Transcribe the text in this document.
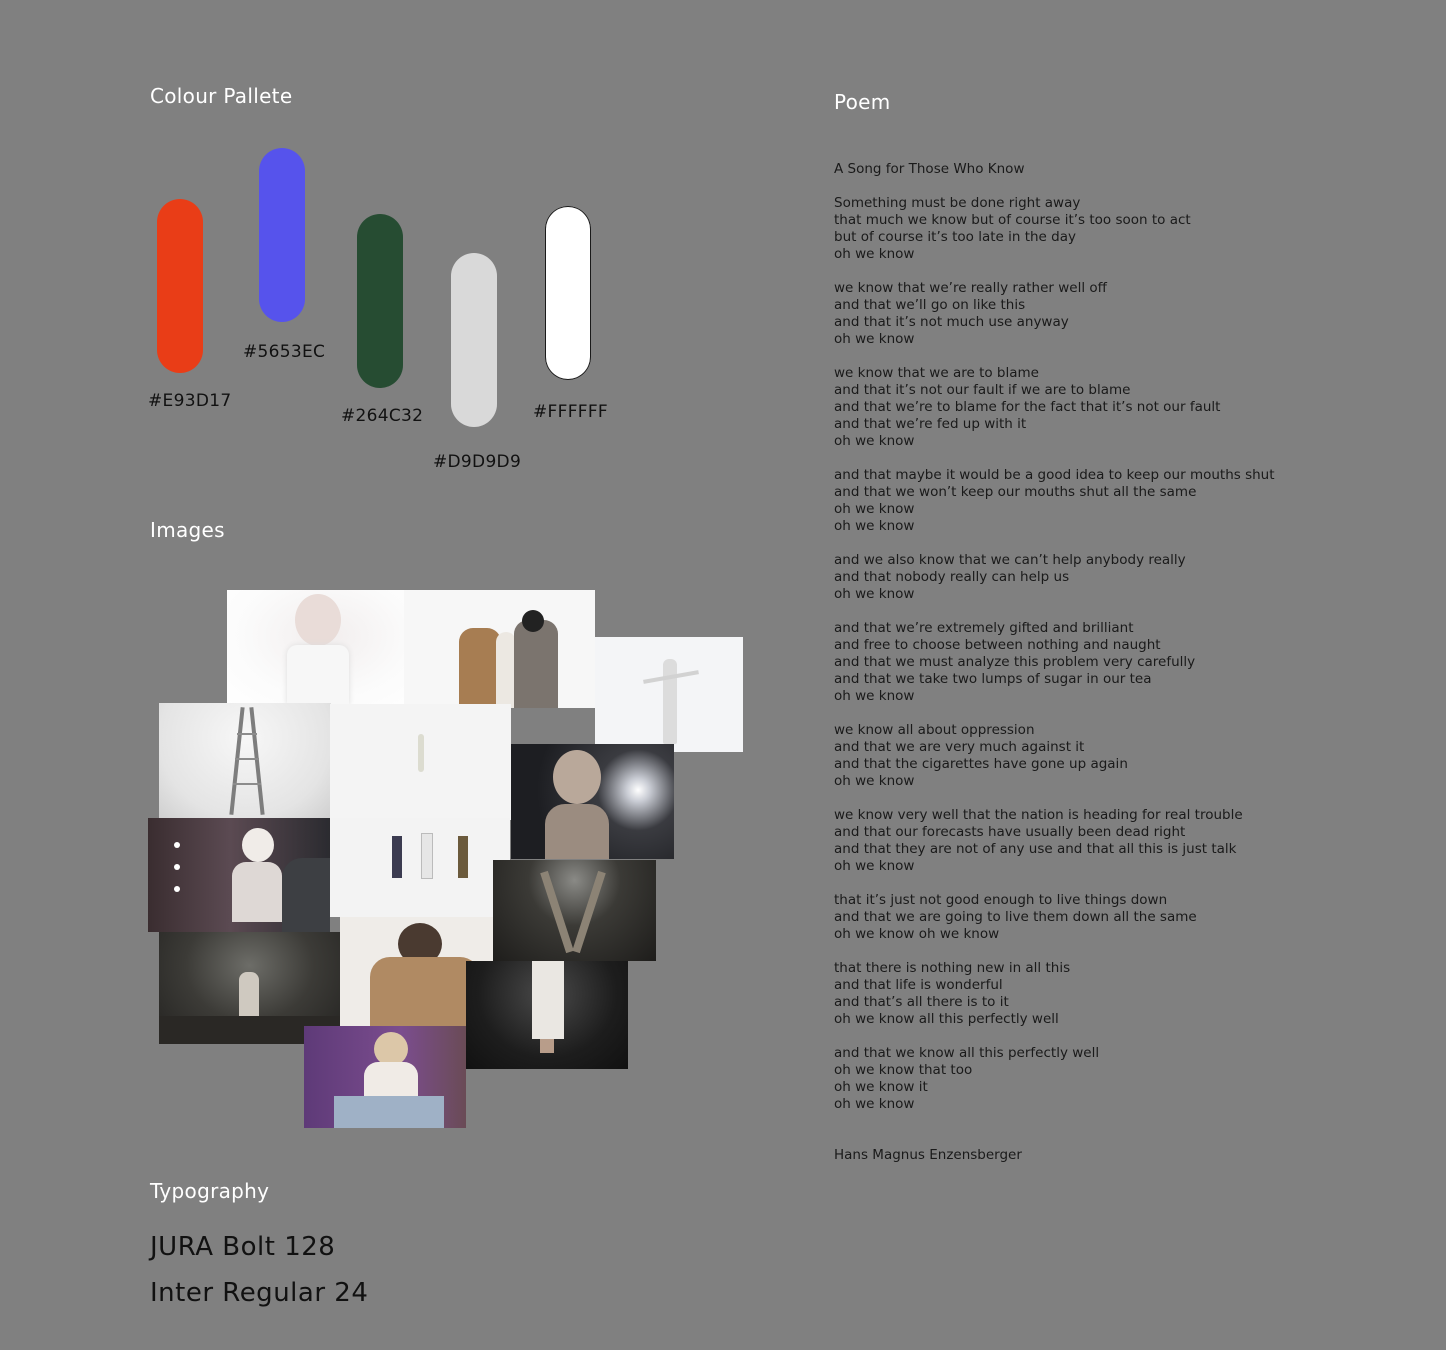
Colour Pallete
#E93D17
#5653EC
#264C32
#D9D9D9
#FFFFFF
Images
Typography
JURA Bolt 128
Inter Regular 24
Poem
A Song for Those Who Know
Something must be done right away
that much we know but of course it’s too soon to act
but of course it’s too late in the day
oh we know
we know that we’re really rather well off
and that we’ll go on like this
and that it’s not much use anyway
oh we know
we know that we are to blame
and that it’s not our fault if we are to blame
and that we’re to blame for the fact that it’s not our fault
and that we’re fed up with it
oh we know
and that maybe it would be a good idea to keep our mouths shut
and that we won’t keep our mouths shut all the same
oh we know
oh we know
and we also know that we can’t help anybody really
and that nobody really can help us
oh we know
and that we’re extremely gifted and brilliant
and free to choose between nothing and naught
and that we must analyze this problem very carefully
and that we take two lumps of sugar in our tea
oh we know
we know all about oppression
and that we are very much against it
and that the cigarettes have gone up again
oh we know
we know very well that the nation is heading for real trouble
and that our forecasts have usually been dead right
and that they are not of any use and that all this is just talk
oh we know
that it’s just not good enough to live things down
and that we are going to live them down all the same
oh we know oh we know
that there is nothing new in all this
and that life is wonderful
and that’s all there is to it
oh we know all this perfectly well
and that we know all this perfectly well
oh we know that too
oh we know it
oh we know
Hans Magnus Enzensberger
